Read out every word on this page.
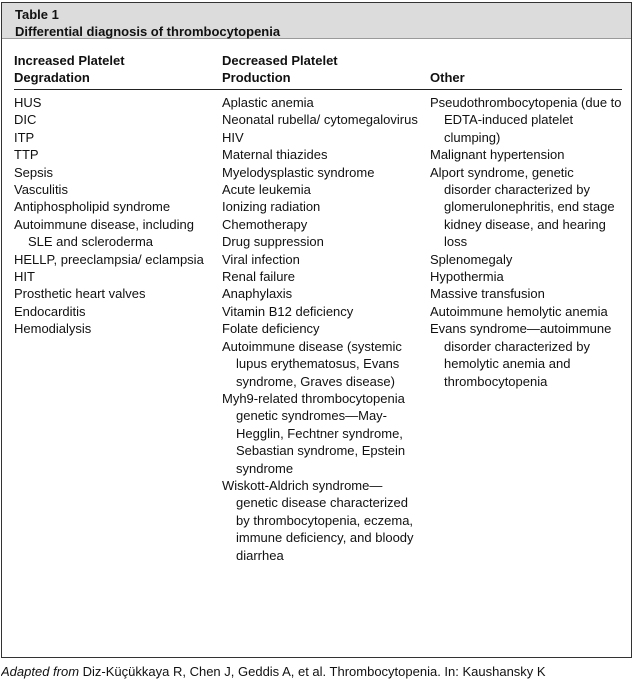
Table 1
Differential diagnosis of thrombocytopenia
Increased Platelet Degradation
HUS
DIC
ITP
TTP
Sepsis
Vasculitis
Antiphospholipid syndrome
Autoimmune disease, including SLE and scleroderma
HELLP, preeclampsia/ eclampsia
HIT
Prosthetic heart valves
Endocarditis
Hemodialysis
Decreased Platelet Production
Aplastic anemia
Neonatal rubella/ cytomegalovirus
HIV
Maternal thiazides
Myelodysplastic syndrome
Acute leukemia
Ionizing radiation
Chemotherapy
Drug suppression
Viral infection
Renal failure
Anaphylaxis
Vitamin B12 deficiency
Folate deficiency
Autoimmune disease (systemic lupus erythematosus, Evans syndrome, Graves disease)
Myh9-related thrombocytopenia genetic syndromes—May-Hegglin, Fechtner syndrome, Sebastian syndrome, Epstein syndrome
Wiskott-Aldrich syndrome—genetic disease characterized by thrombocytopenia, eczema, immune deficiency, and bloody diarrhea
Other
Pseudothrombocytopenia (due to EDTA-induced platelet clumping)
Malignant hypertension
Alport syndrome, genetic disorder characterized by glomerulonephritis, end stage kidney disease, and hearing loss
Splenomegaly
Hypothermia
Massive transfusion
Autoimmune hemolytic anemia
Evans syndrome—autoimmune disorder characterized by hemolytic anemia and thrombocytopenia
Adapted from Diz-Küçükkaya R, Chen J, Geddis A, et al. Thrombocytopenia. In: Kaushansky K
